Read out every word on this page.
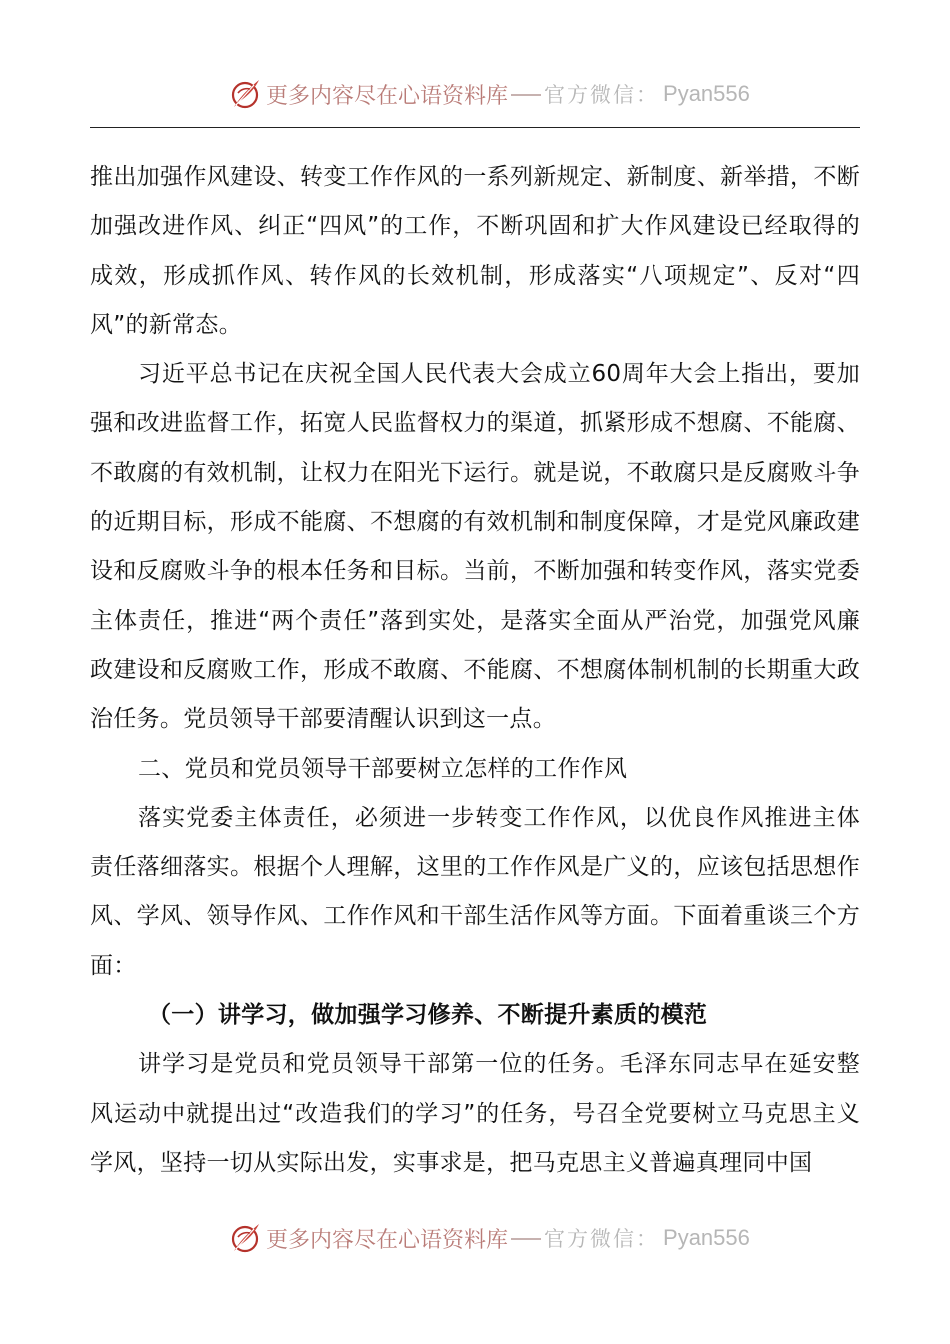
更多内容尽在心语资料库 官方微信： Pyan556

推出加强作风建设、转变工作作风的一系列新规定、新制度、新举措，不断加强改进作风、纠正“四风”的工作，不断巩固和扩大作风建设已经取得的成效，形成抓作风、转作风的长效机制，形成落实“八项规定”、反对“四风”的新常态。

习近平总书记在庆祝全国人民代表大会成立60周年大会上指出，要加强和改进监督工作，拓宽人民监督权力的渠道，抓紧形成不想腐、不能腐、不敢腐的有效机制，让权力在阳光下运行。就是说，不敢腐只是反腐败斗争的近期目标，形成不能腐、不想腐的有效机制和制度保障，才是党风廉政建设和反腐败斗争的根本任务和目标。当前，不断加强和转变作风，落实党委主体责任，推进“两个责任”落到实处，是落实全面从严治党，加强党风廉政建设和反腐败工作，形成不敢腐、不能腐、不想腐体制机制的长期重大政治任务。党员领导干部要清醒认识到这一点。

二、党员和党员领导干部要树立怎样的工作作风

落实党委主体责任，必须进一步转变工作作风，以优良作风推进主体责任落细落实。根据个人理解，这里的工作作风是广义的，应该包括思想作风、学风、领导作风、工作作风和干部生活作风等方面。下面着重谈三个方面：

（一）讲学习，做加强学习修养、不断提升素质的模范

讲学习是党员和党员领导干部第一位的任务。毛泽东同志早在延安整风运动中就提出过“改造我们的学习”的任务，号召全党要树立马克思主义学风，坚持一切从实际出发，实事求是，把马克思主义普遍真理同中国

更多内容尽在心语资料库 官方微信： Pyan556
